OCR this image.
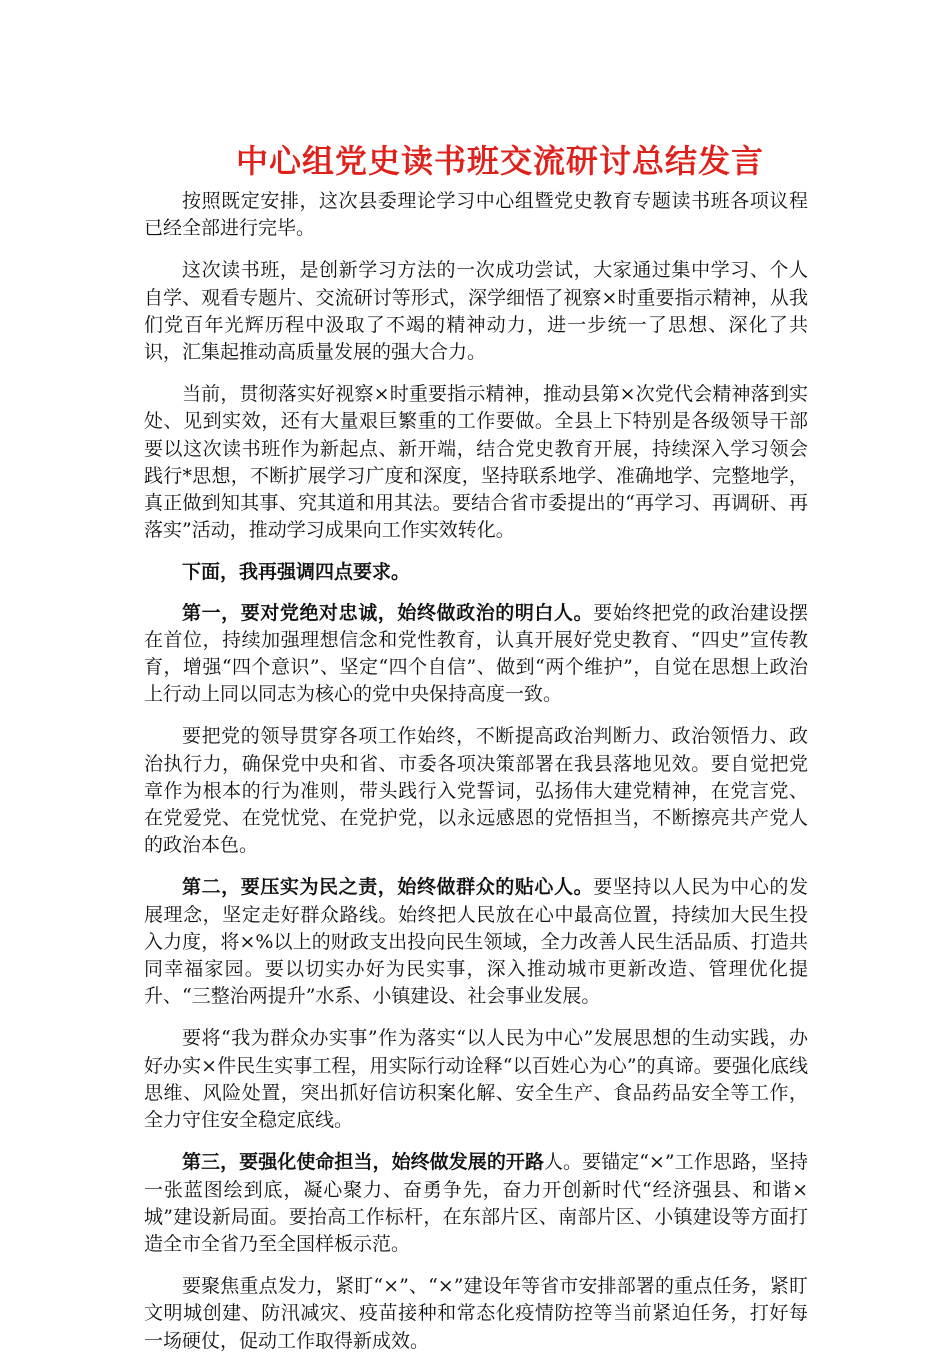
中心组党史读书班交流研讨总结发言

按照既定安排，这次县委理论学习中心组暨党史教育专题读书班各项议程已经全部进行完毕。

这次读书班，是创新学习方法的一次成功尝试，大家通过集中学习、个人自学、观看专题片、交流研讨等形式，深学细悟了视察×时重要指示精神，从我们党百年光辉历程中汲取了不竭的精神动力，进一步统一了思想、深化了共识，汇集起推动高质量发展的强大合力。

当前，贯彻落实好视察×时重要指示精神，推动县第×次党代会精神落到实处、见到实效，还有大量艰巨繁重的工作要做。全县上下特别是各级领导干部要以这次读书班作为新起点、新开端，结合党史教育开展，持续深入学习领会践行*思想，不断扩展学习广度和深度，坚持联系地学、准确地学、完整地学，真正做到知其事、究其道和用其法。要结合省市委提出的“再学习、再调研、再落实”活动，推动学习成果向工作实效转化。

下面，我再强调四点要求。

第一，要对党绝对忠诚，始终做政治的明白人。要始终把党的政治建设摆在首位，持续加强理想信念和党性教育，认真开展好党史教育、“四史”宣传教育，增强“四个意识”、坚定“四个自信”、做到“两个维护”，自觉在思想上政治上行动上同以同志为核心的党中央保持高度一致。

要把党的领导贯穿各项工作始终，不断提高政治判断力、政治领悟力、政治执行力，确保党中央和省、市委各项决策部署在我县落地见效。要自觉把党章作为根本的行为准则，带头践行入党誓词，弘扬伟大建党精神，在党言党、在党爱党、在党忧党、在党护党，以永远感恩的党悟担当，不断擦亮共产党人的政治本色。

第二，要压实为民之责，始终做群众的贴心人。要坚持以人民为中心的发展理念，坚定走好群众路线。始终把人民放在心中最高位置，持续加大民生投入力度，将×%以上的财政支出投向民生领域，全力改善人民生活品质、打造共同幸福家园。要以切实办好为民实事，深入推动城市更新改造、管理优化提升、“三整治两提升”水系、小镇建设、社会事业发展。

要将“我为群众办实事”作为落实“以人民为中心”发展思想的生动实践，办好办实×件民生实事工程，用实际行动诠释“以百姓心为心”的真谛。要强化底线思维、风险处置，突出抓好信访积案化解、安全生产、食品药品安全等工作，全力守住安全稳定底线。

第三，要强化使命担当，始终做发展的开路人。要锚定“×”工作思路，坚持一张蓝图绘到底，凝心聚力、奋勇争先，奋力开创新时代“经济强县、和谐×城”建设新局面。要抬高工作标杆，在东部片区、南部片区、小镇建设等方面打造全市全省乃至全国样板示范。

要聚焦重点发力，紧盯“×”、“×”建设年等省市安排部署的重点任务，紧盯文明城创建、防汛减灾、疫苗接种和常态化疫情防控等当前紧迫任务，打好每一场硬仗，促动工作取得新成效。
